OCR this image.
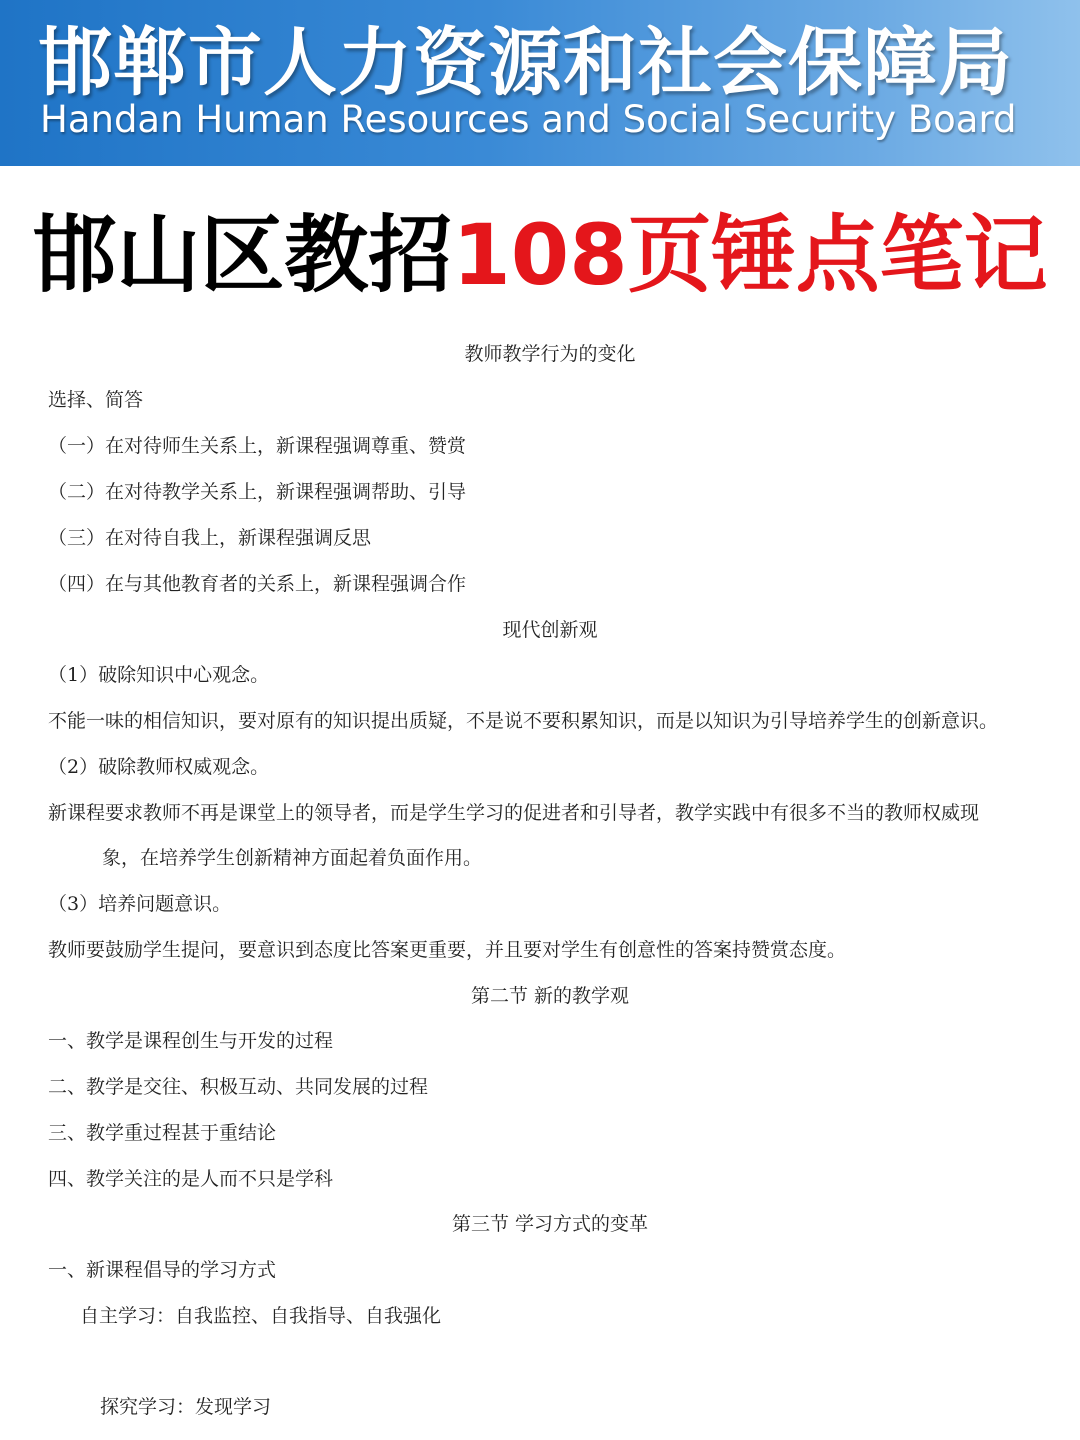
邯郸市人力资源和社会保障局
Handan Human Resources and Social Security Board
邯山区教招108页锤点笔记
教师教学行为的变化
选择、简答
（一）在对待师生关系上，新课程强调尊重、赞赏
（二）在对待教学关系上，新课程强调帮助、引导
（三）在对待自我上，新课程强调反思
（四）在与其他教育者的关系上，新课程强调合作
现代创新观
（1）破除知识中心观念。
不能一味的相信知识，要对原有的知识提出质疑，不是说不要积累知识，而是以知识为引导培养学生的创新意识。
（2）破除教师权威观念。
新课程要求教师不再是课堂上的领导者，而是学生学习的促进者和引导者，教学实践中有很多不当的教师权威现
象，在培养学生创新精神方面起着负面作用。
（3）培养问题意识。
教师要鼓励学生提问，要意识到态度比答案更重要，并且要对学生有创意性的答案持赞赏态度。
第二节 新的教学观
一、教学是课程创生与开发的过程
二、教学是交往、积极互动、共同发展的过程
三、教学重过程甚于重结论
四、教学关注的是人而不只是学科
第三节 学习方式的变革
一、新课程倡导的学习方式
自主学习：自我监控、自我指导、自我强化
探究学习：发现学习
